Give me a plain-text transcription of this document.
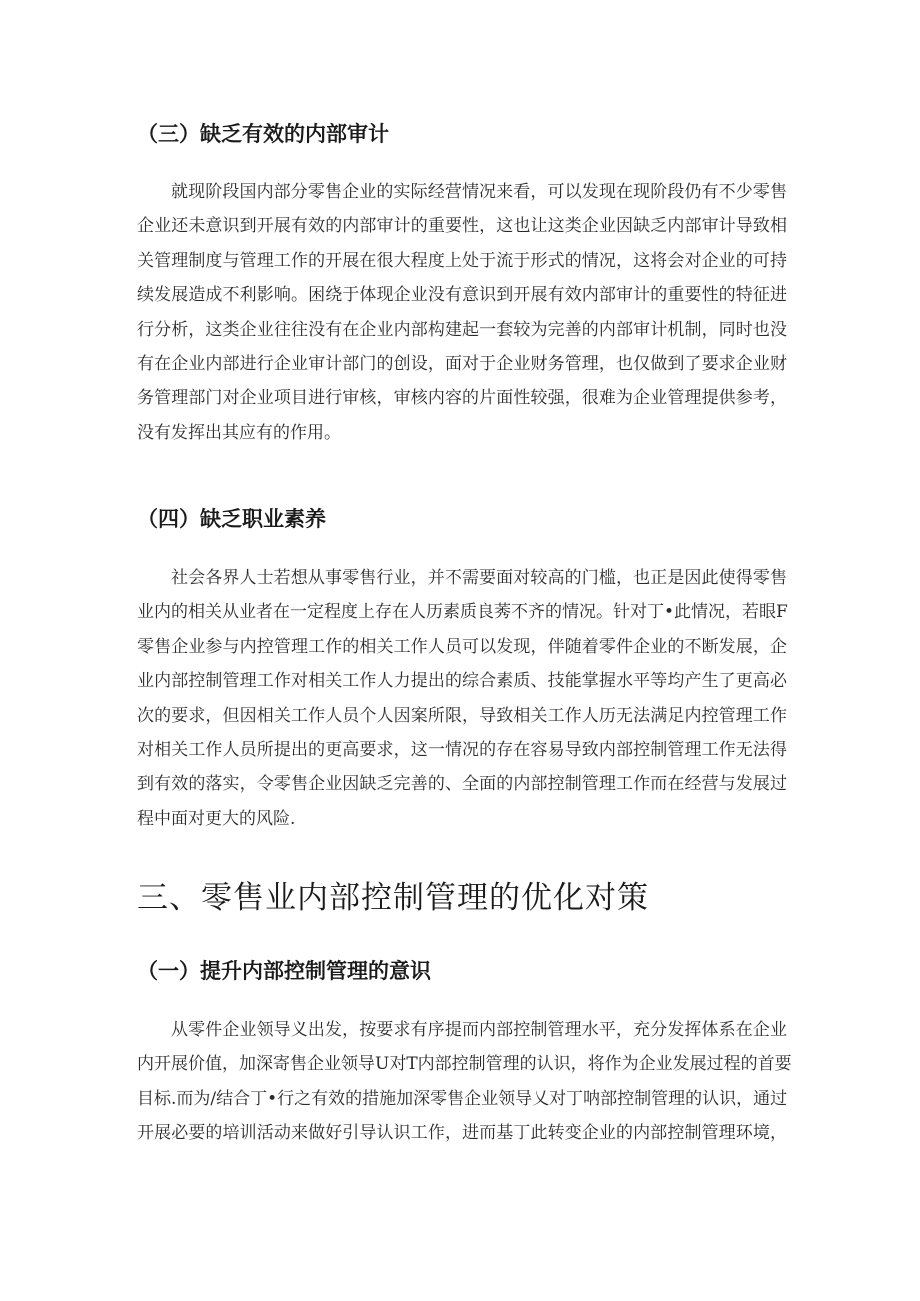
（三）缺乏有效的内部审计
就现阶段国内部分零售企业的实际经营情况来看，可以发现在现阶段仍有不少零售
企业还未意识到开展有效的内部审计的重要性，这也让这类企业因缺乏内部审计导致相
关管理制度与管理工作的开展在很大程度上处于流于形式的情况，这将会对企业的可持
续发展造成不利影响。困绕于体现企业没有意识到开展有效内部审计的重要性的特征进
行分析，这类企业往往没有在企业内部构建起一套较为完善的内部审计机制，同时也没
有在企业内部进行企业审计部门的创设，面对于企业财务管理，也仅做到了要求企业财
务管理部门对企业项目进行审核，审核内容的片面性较强，很难为企业管理提供参考，
没有发挥出其应有的作用。
（四）缺乏职业素养
社会各界人士若想从事零售行业，并不需要面对较高的门槛，也正是因此使得零售
业内的相关从业者在一定程度上存在人历素质良莠不齐的情况。针对丁•此情况，若眼F
零售企业参与内控管理工作的相关工作人员可以发现，伴随着零件企业的不断发展，企
业内部控制管理工作对相关工作人力提出的综合素质、技能掌握水平等均产生了更高必
次的要求，但因相关工作人员个人因案所限，导致相关工作人历无法满足内控管理工作
对相关工作人员所提出的更高要求，这一情况的存在容易导致内部控制管理工作无法得
到有效的落实，令零售企业因缺乏完善的、全面的内部控制管理工作而在经营与发展过
程中面对更大的风险.
三、零售业内部控制管理的优化对策
（一）提升内部控制管理的意识
从零件企业领导义出发，按要求有序提而内部控制管理水平，充分发挥体系在企业
内开展价值，加深寄售企业领导U对T内部控制管理的认识，将作为企业发展过程的首要
目标.而为/结合丁•行之有效的措施加深零售企业领导乂对丁呐部控制管理的认识，通过
开展必要的培训活动来做好引导认识工作，进而基丁此转变企业的内部控制管理环境，
